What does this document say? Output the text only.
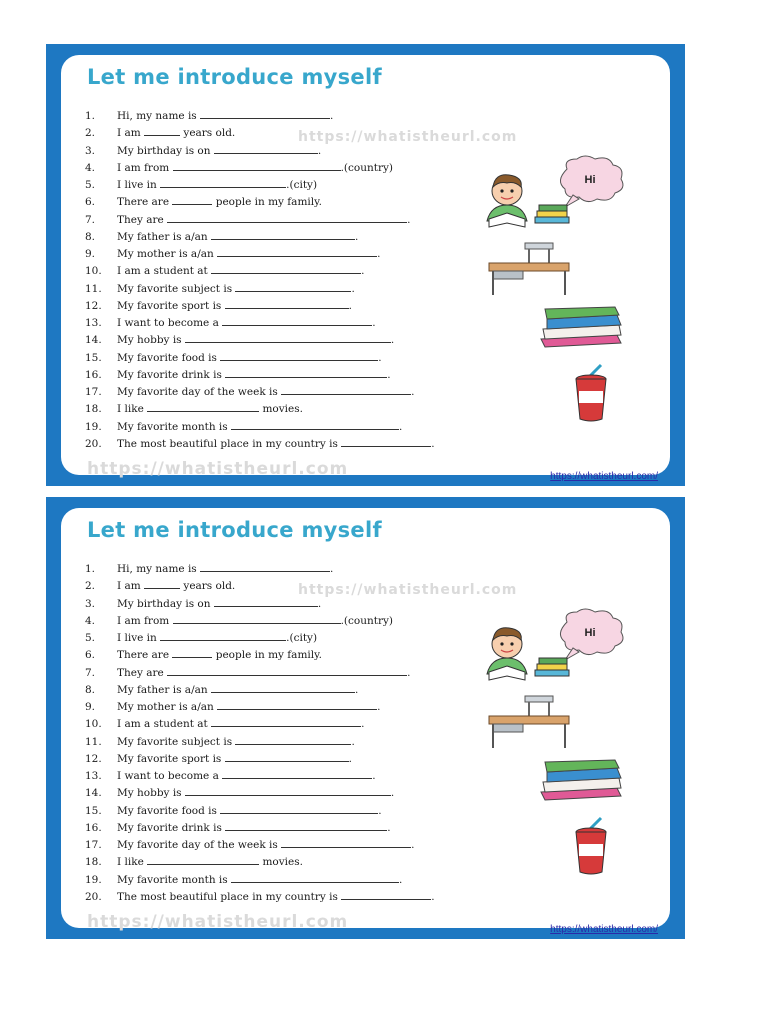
Let me introduce myself
https://whatistheurl.com
1. Hi, my name is	.
2. I am	years old.
3. My birthday is on	.
4. I am from	.(country)
5. I live in	.(city)
6. There are	people in my family.
7. They are	.
8. My father is a/an	.
9. My mother is a/an	.
10. I am a student at	.
11. My favorite subject is	.
12. My favorite sport is	.
13. I want to become a	.
14. My hobby is	.
15. My favorite food is	.
16. My favorite drink is	.
17. My favorite day of the week is	.
18. I like	movies.
19. My favorite month is	.
20. The most beautiful place in my country is	.
Hi
https://whatistheurl.com	https://whatistheurl.com/
Let me introduce myself
https://whatistheurl.com
1. Hi, my name is	.
2. I am	years old.
3. My birthday is on	.
4. I am from	.(country)
5. I live in	.(city)
6. There are	people in my family.
7. They are	.
8. My father is a/an	.
9. My mother is a/an	.
10. I am a student at	.
11. My favorite subject is	.
12. My favorite sport is	.
13. I want to become a	.
14. My hobby is	.
15. My favorite food is	.
16. My favorite drink is	.
17. My favorite day of the week is	.
18. I like	movies.
19. My favorite month is	.
20. The most beautiful place in my country is	.
Hi
https://whatistheurl.com	https://whatistheurl.com/
